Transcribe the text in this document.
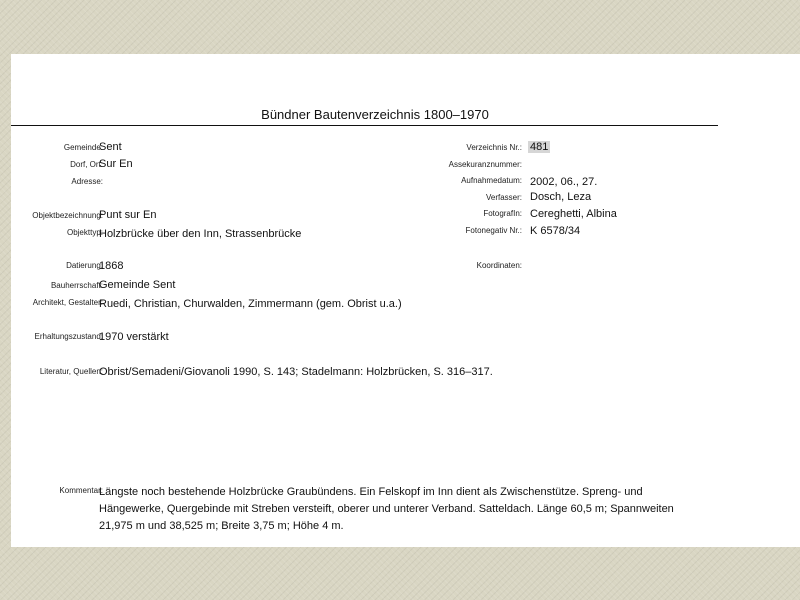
Bündner Bautenverzeichnis 1800–1970
Gemeinde:
Sent
Dorf, Ort:
Sur En
Adresse:
Objektbezeichnung:
Punt sur En
Objekttyp:
Holzbrücke über den Inn, Strassenbrücke
Datierung:
1868
Bauherrschaft:
Gemeinde Sent
Architekt, Gestalter:
Ruedi, Christian, Churwalden, Zimmermann (gem. Obrist u.a.)
Erhaltungszustand:
1970 verstärkt
Literatur, Quellen:
Obrist/Semadeni/Giovanoli 1990, S. 143; Stadelmann: Holzbrücken, S. 316–317.
Kommentar:
Längste noch bestehende Holzbrücke Graubündens. Ein Felskopf im Inn dient als Zwischenstütze. Spreng- und Hängewerke, Quergebinde mit Streben versteift, oberer und unterer Verband. Satteldach. Länge 60,5 m; Spannweiten 21,975 m und 38,525 m; Breite 3,75 m; Höhe 4 m.
Verzeichnis Nr.: 481
Assekuranznummer:
Aufnahmedatum: 2002, 06., 27.
Verfasser: Dosch, Leza
FotografIn: Cereghetti, Albina
Fotonegativ Nr.: K 6578/34
Koordinaten:
